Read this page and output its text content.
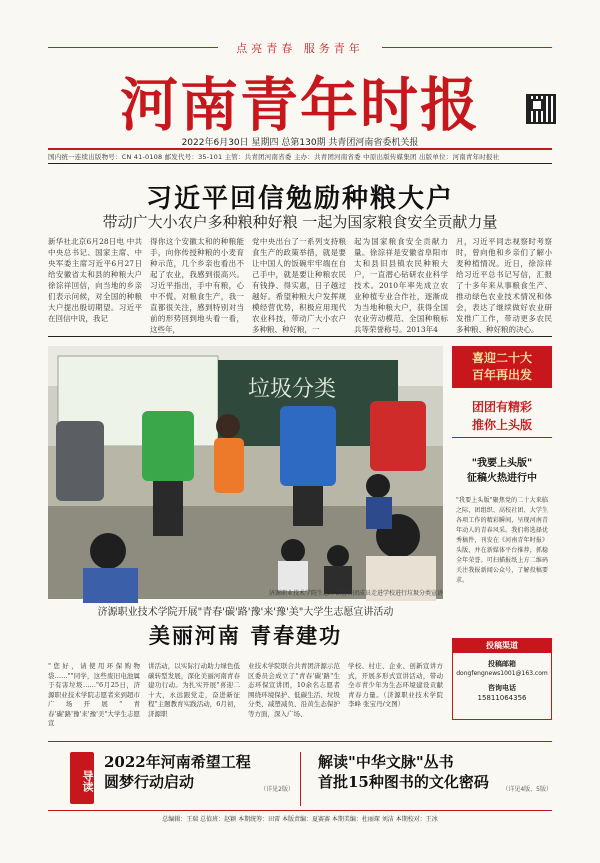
点亮青春 服务青年
河南青年时报
2022年6月30日 星期四 总第130期 共青团河南省委机关报
国内统一连续出版物号：CN 41-0108 邮发代号：35-101 主管：共青团河南省委 主办：共青团河南省委 中原出版传媒集团 出版单位：河南青年时报社
习近平回信勉励种粮大户
带动广大小农户多种粮种好粮 一起为国家粮食安全贡献力量
新华社北京6月28日电 中共中央总书记、国家主席、中央军委主席习近平6月27日给安徽省太和县的种粮大户徐淙祥回信，向当地的乡亲们表示问候，对全国的种粮大户提出殷切期望。习近平在回信中说，我记
得你这个安徽太和的种粮能手，向你传授种粮的小麦育种示范，几个乡亲也看出不起了农业，我感到很高兴。习近平指出，手中有粮，心中不慌。对粮食生产，我一直都很关注，感到特别对当前的形势回到地头看一看，这些年，
党中央出台了一系列支持粮食生产的政策举措，就是要让中国人的饭碗牢牢端在自己手中，就是要让种粮农民有钱挣、得实惠，日子越过越好。希望种粮大户发挥规模经营优势，积极应用现代农业科技，带动广大小农户多种粮、种好粮，一
起为国家粮食安全贡献力量。徐淙祥是安徽省阜阳市太和县旧县镇农民种粮大户，一直潜心钻研农业科学技术。2010年率先成立农业种植专业合作社，逐渐成为当地种粮大户，获得全国农业劳动模范、全国种粮标兵等荣誉称号。2013年4
月，习近平同志视察时考察时，曾向他和乡亲们了解小麦种植情况。近日，徐淙祥给习近平总书记写信，汇报了十多年来从事粮食生产、推动绿色农业技术情况和体会，表达了继续做好农业研发推广工作，带动更多农民多种粮、种好粮的决心。
垃圾分类
济源职业技术学院生态环保宣讲团成员走进学校进行垃圾分类宣讲
济源职业技术学院开展"青春'碳'路'豫'来'豫'美"大学生志愿宣讲活动
美丽河南 青春建功
"您好，请使用环保购物袋……""同学，这些废旧电池属于有害垃圾……"6月25日，济源职业技术学院志愿者来到超市广场开展"青春'碳'路'豫'来'豫'美"大学生志愿宣
讲活动，以实际行动助力绿色低碳转型发展，深化美丽河南青春建功行动。为扎实开展"喜迎二十大，永远跟党走，奋进新征程"主题教育实践活动，6月初，济源职
业技术学院联合共青团济源示范区委员会成立了"青春'碳'路"生态环保宣讲团，10余名志愿者围绕环境保护、低碳生活、垃圾分类、减塑减负、沿黄生态保护等方面，深入广场、
学校、村庄、企业、创新宣讲方式，开展多形式宣讲活动，带动全市青少年为生态环境建设贡献青春力量。（济源职业技术学院 李峰 张宝丹/文图）
喜迎二十大
百年再出发
团团有精彩
推你上头版
"我要上头版"
征稿火热进行中
"我要上头版"聚焦党的二十大来临之际，团组织、高校社团、大学生各项工作的精彩瞬间，呈现河南青年动人的青春风采。我们将选择优秀稿件，刊发在《河南青年时报》头版，并在新媒体平台推荐，抓稳全年荣誉。可扫描报纸上方二维码关注我报新闻公众号，了解投稿要求。
投稿渠道
投稿邮箱
dongfengnews1001@163.com
咨询电话
15811064356
导读
2022年河南希望工程
圆梦行动启动	（详见2版）
解读"中华文脉"丛书
首批15种图书的文化密码	（详见4版、5版）
总编辑：王瑞 总值班：赵颖 本期统筹：田雷 本版责编：夏赛赛 本期美编：杜丽琛 刘洁 本期校对：王冰
